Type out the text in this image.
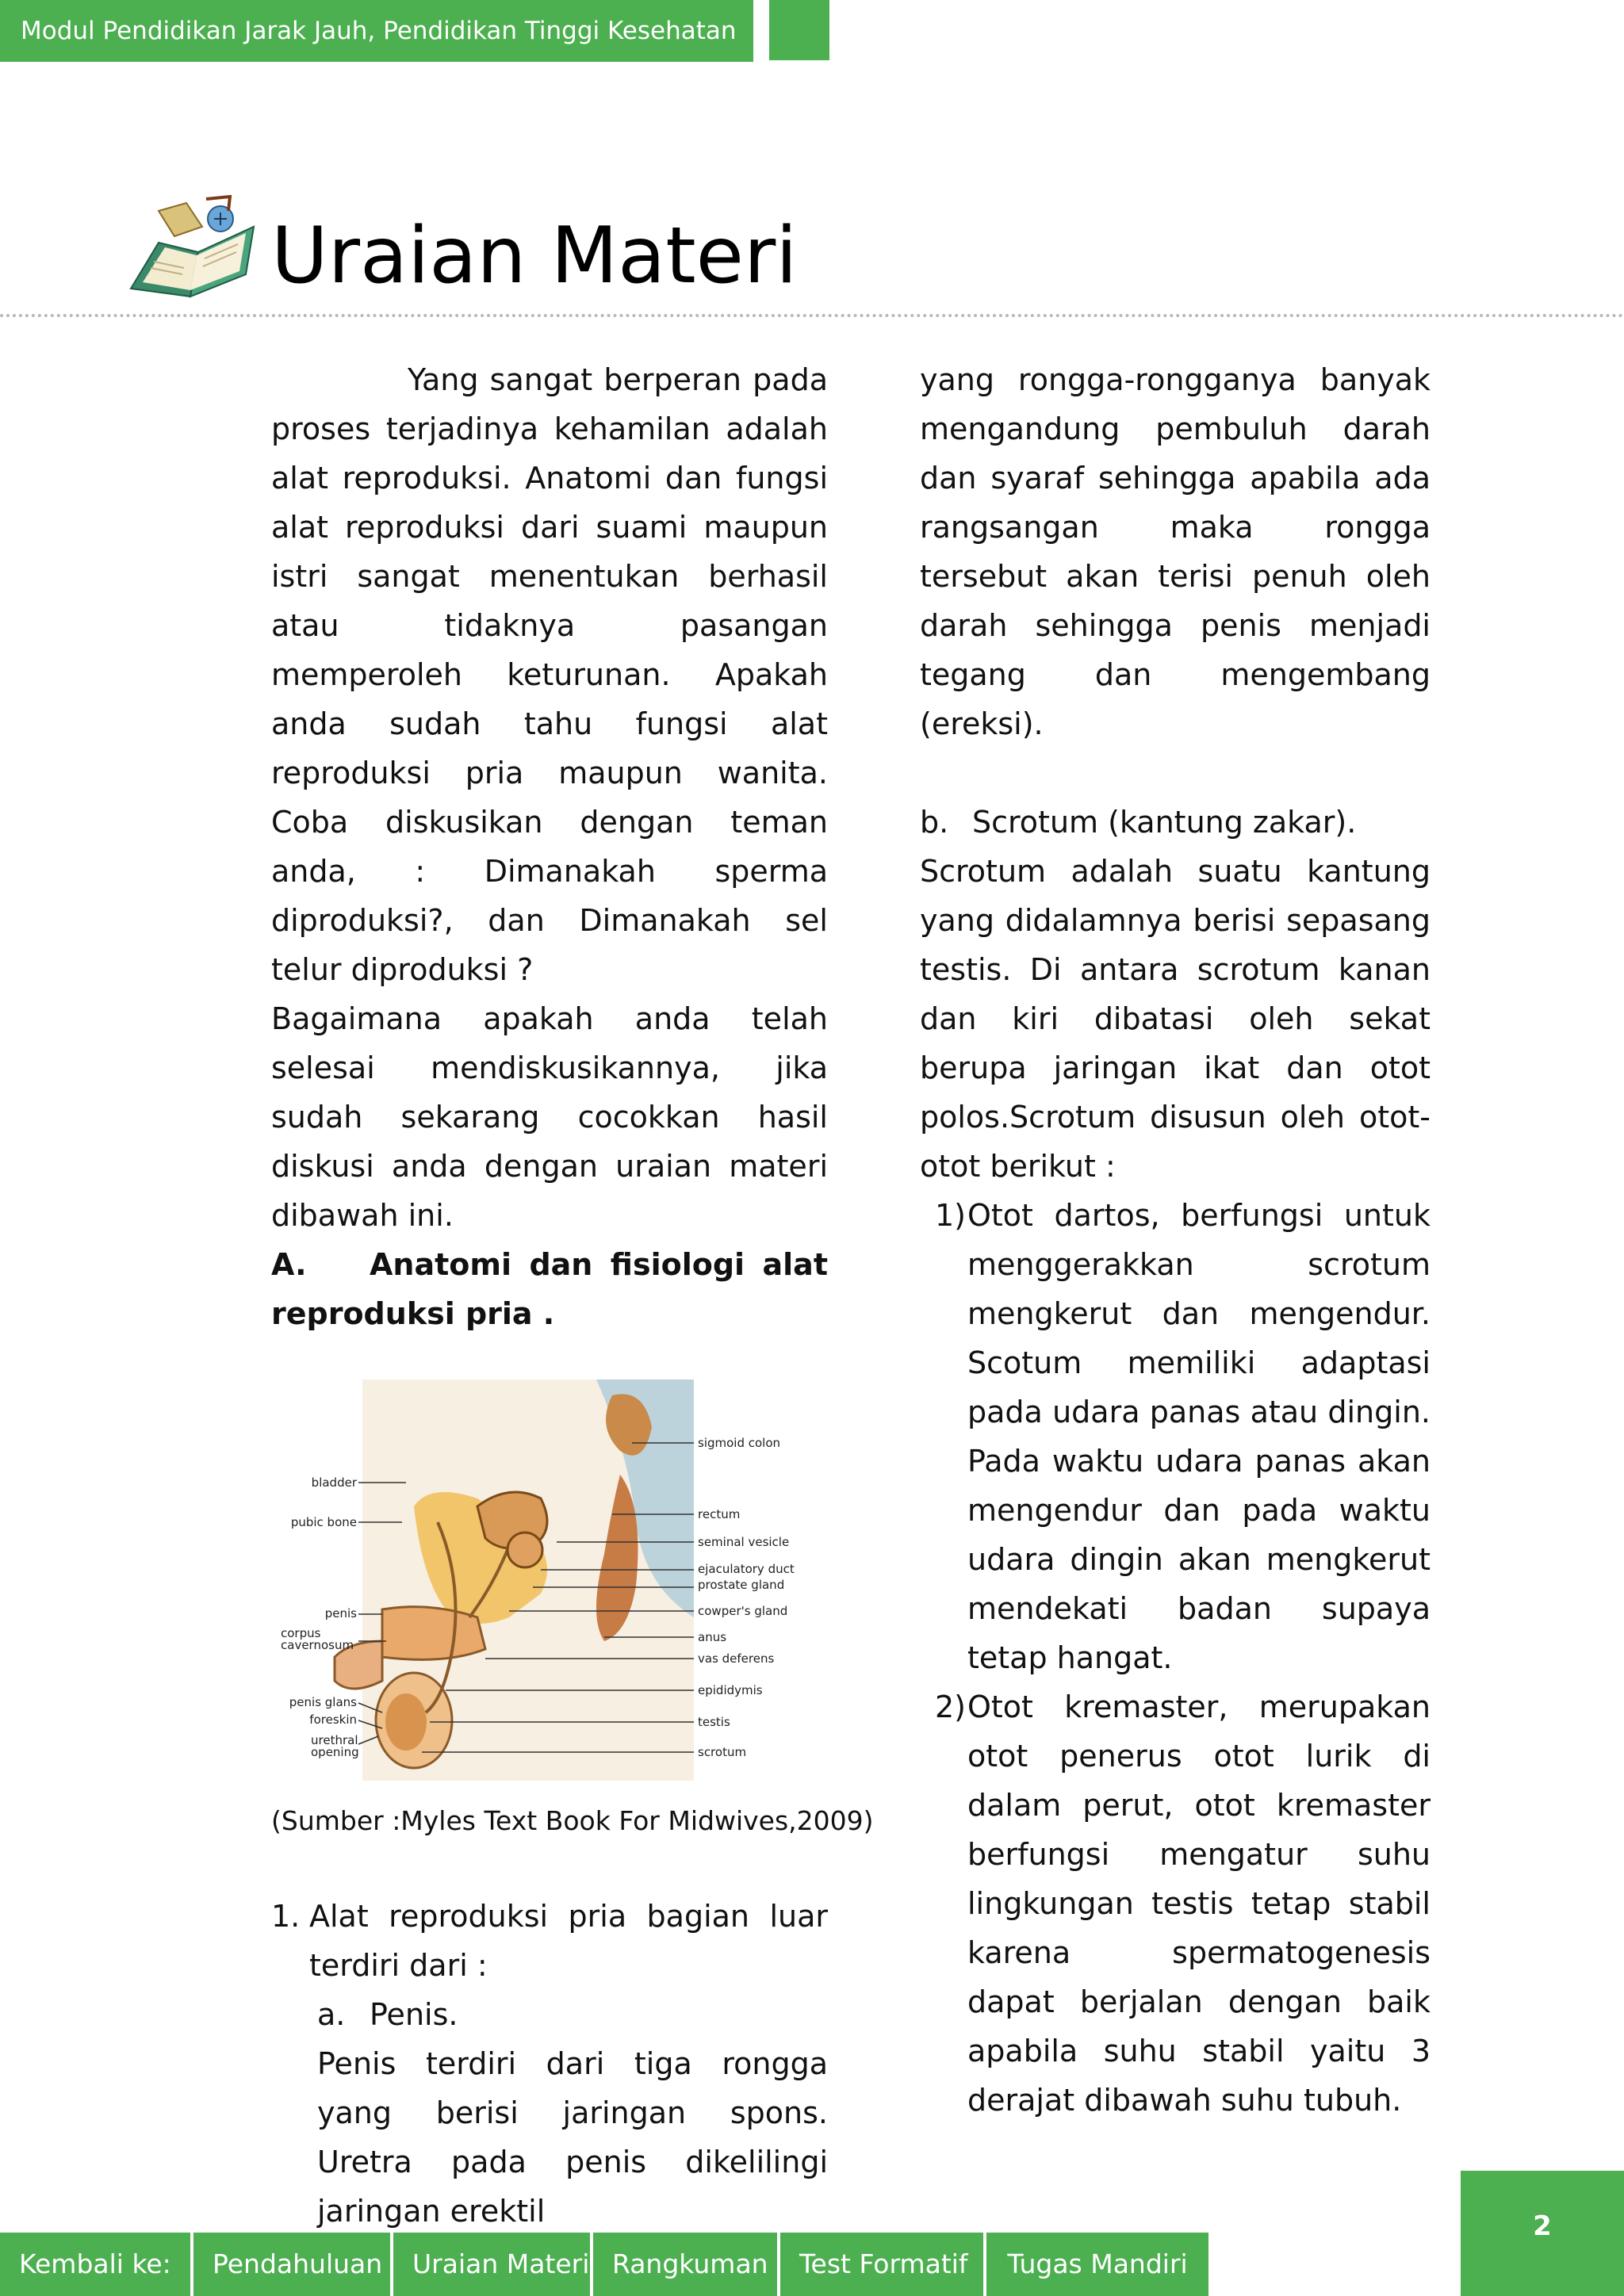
Modul Pendidikan Jarak Jauh, Pendidikan Tinggi Kesehatan
Uraian Materi

Yang sangat berperan pada proses terjadinya kehamilan adalah alat reproduksi. Anatomi dan fungsi alat reproduksi dari suami maupun istri sangat menentukan berhasil atau tidaknya pasangan memperoleh keturunan. Apakah anda sudah tahu fungsi alat reproduksi pria maupun wanita. Coba diskusikan dengan teman anda, : Dimanakah sperma diproduksi?, dan Dimanakah sel telur diproduksi ?

Bagaimana apakah anda telah selesai mendiskusikannya, jika sudah sekarang cocokkan hasil diskusi anda dengan uraian materi dibawah ini.

A. Anatomi dan fisiologi alat reproduksi pria .

bladder
pubic bone
penis
corpus
cavernosum
penis glans
foreskin
urethral
opening
sigmoid colon
rectum
seminal vesicle
ejaculatory duct
prostate gland
cowper's gland
anus
vas deferens
epididymis
testis
scrotum
(Sumber :Myles Text Book For Midwives,2009)
1. Alat reproduksi pria bagian luar terdiri dari :
a. Penis.

Penis terdiri dari tiga rongga yang berisi jaringan spons. Uretra pada penis dikelilingi jaringan erektil

yang rongga-rongganya banyak mengandung pembuluh darah dan syaraf sehingga apabila ada rangsangan maka rongga tersebut akan terisi penuh oleh darah sehingga penis menjadi tegang dan mengembang (ereksi).

b. Scrotum (kantung zakar).

Scrotum adalah suatu kantung yang didalamnya berisi sepasang testis. Di antara scrotum kanan dan kiri dibatasi oleh sekat berupa jaringan ikat dan otot polos.Scrotum disusun oleh otot-otot berikut :

1) Otot dartos, berfungsi untuk menggerakkan scrotum mengkerut dan mengendur. Scotum memiliki adaptasi pada udara panas atau dingin. Pada waktu udara panas akan mengendur dan pada waktu udara dingin akan mengkerut mendekati badan supaya tetap hangat.
2) Otot kremaster, merupakan otot penerus otot lurik di dalam perut, otot kremaster berfungsi mengatur suhu lingkungan testis tetap stabil karena spermatogenesis dapat berjalan dengan baik apabila suhu stabil yaitu 3 derajat dibawah suhu tubuh.
2
Kembali ke:	Pendahuluan	Uraian Materi Rangkuman	Test Formatif	Tugas Mandiri
